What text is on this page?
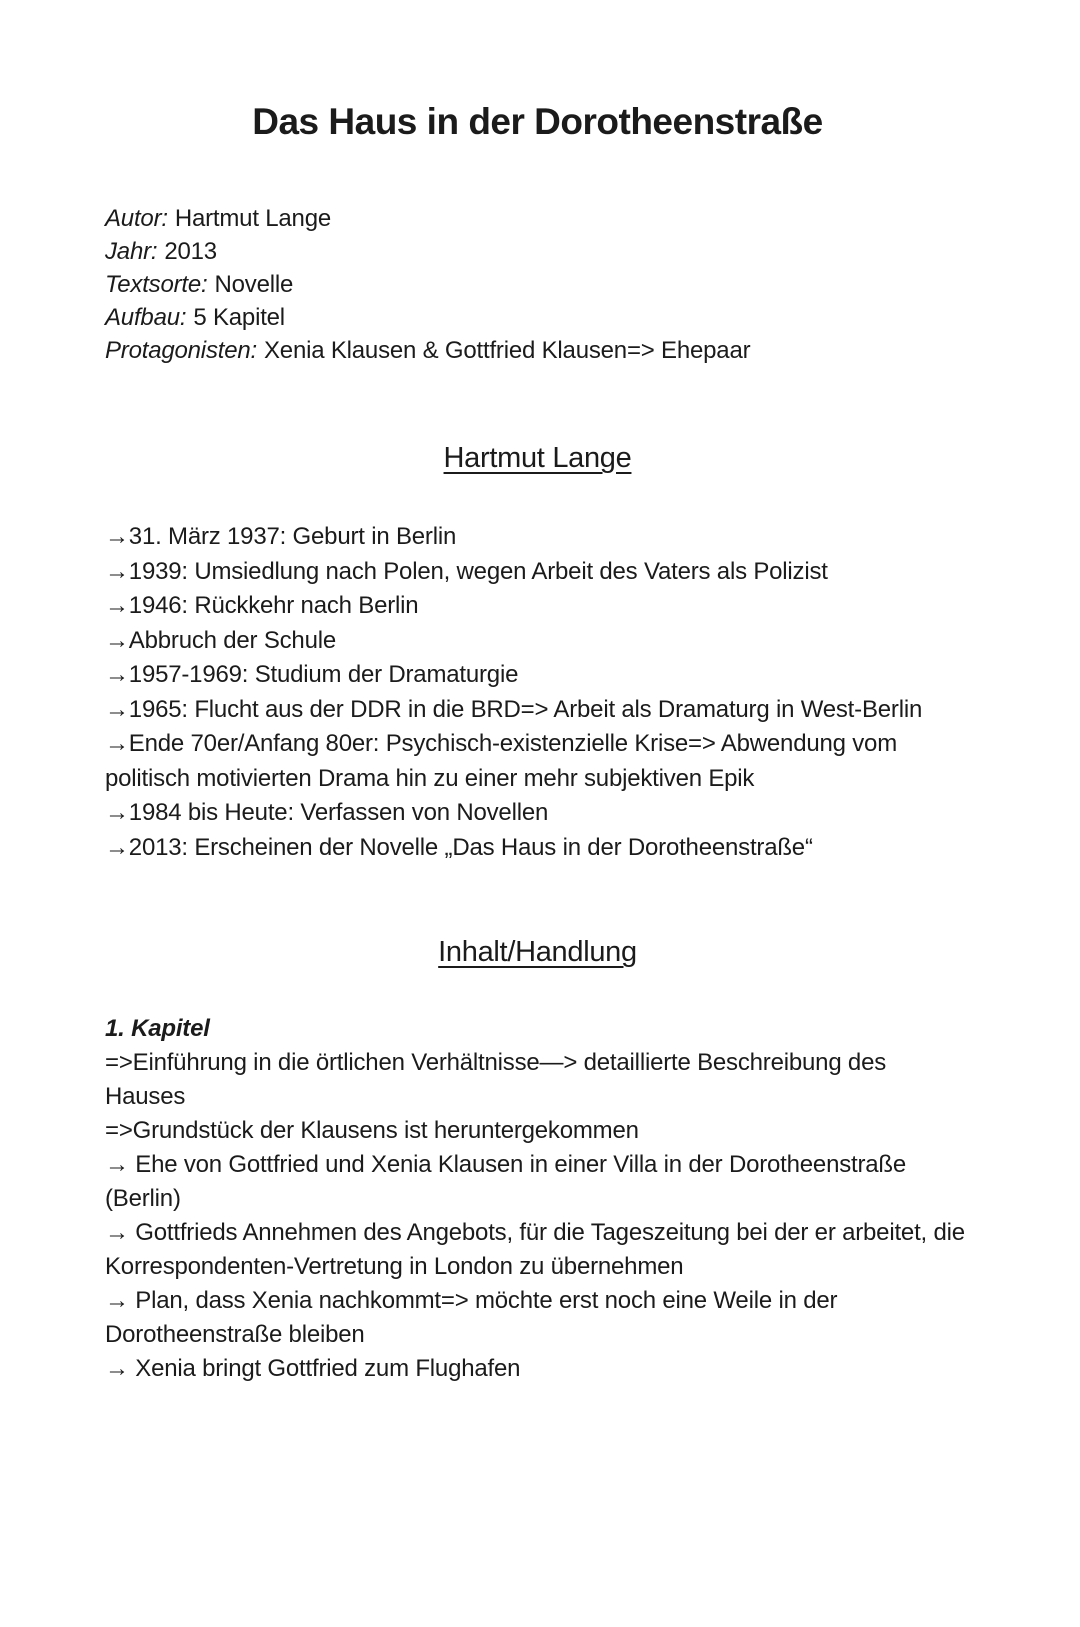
Das Haus in der Dorotheenstraße
Autor: Hartmut Lange
Jahr: 2013
Textsorte: Novelle
Aufbau: 5 Kapitel
Protagonisten: Xenia Klausen & Gottfried Klausen=> Ehepaar
Hartmut Lange
→31. März 1937: Geburt in Berlin
→1939: Umsiedlung nach Polen, wegen Arbeit des Vaters als Polizist
→1946: Rückkehr nach Berlin
→Abbruch der Schule
→1957-1969: Studium der Dramaturgie
→1965: Flucht aus der DDR in die BRD=> Arbeit als Dramaturg in West-Berlin
→Ende 70er/Anfang 80er: Psychisch-existenzielle Krise=> Abwendung vom politisch motivierten Drama hin zu einer mehr subjektiven Epik
→1984 bis Heute: Verfassen von Novellen
→2013: Erscheinen der Novelle „Das Haus in der Dorotheenstraße“
Inhalt/Handlung
1. Kapitel
=>Einführung in die örtlichen Verhältnisse—> detaillierte Beschreibung des Hauses
=>Grundstück der Klausens ist heruntergekommen
→ Ehe von Gottfried und Xenia Klausen in einer Villa in der Dorotheenstraße (Berlin)
→ Gottfrieds Annehmen des Angebots, für die Tageszeitung bei der er arbeitet, die Korrespondenten-Vertretung in London zu übernehmen
→ Plan, dass Xenia nachkommt=> möchte erst noch eine Weile in der Dorotheenstraße bleiben
→ Xenia bringt Gottfried zum Flughafen
